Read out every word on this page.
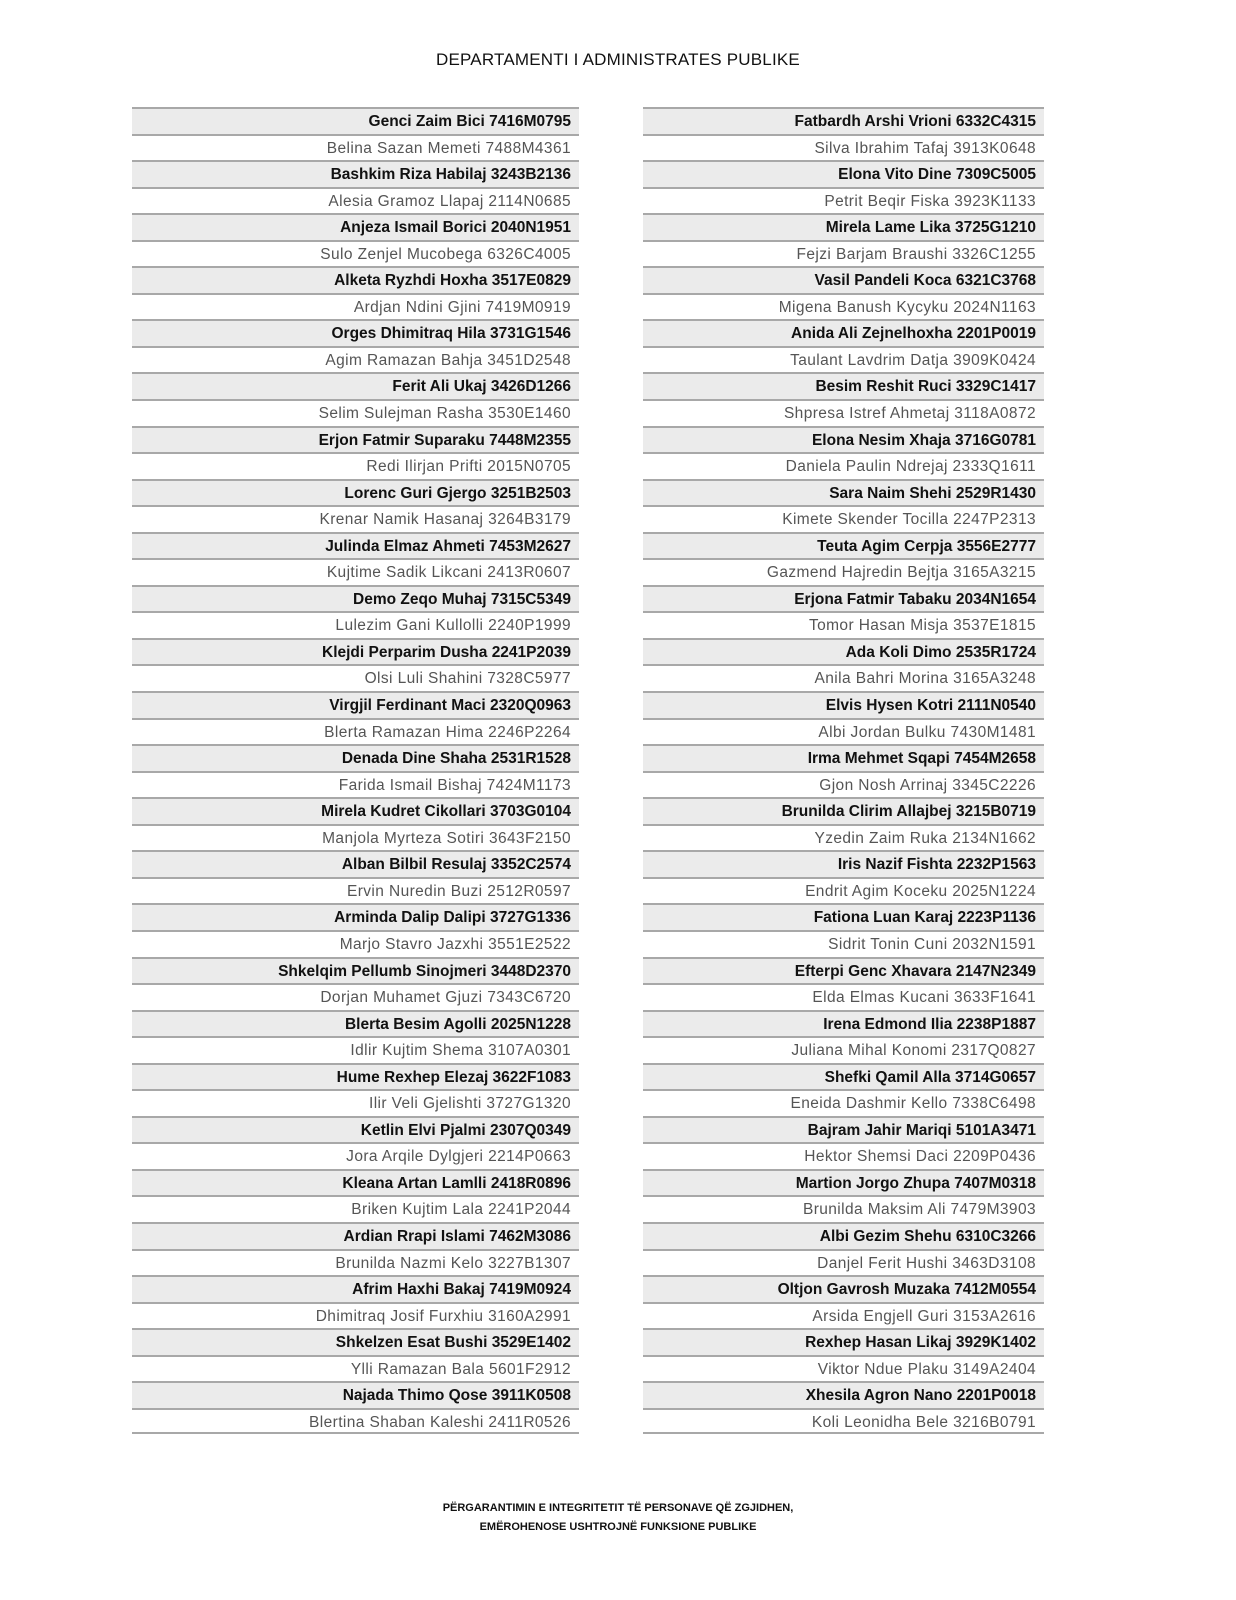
DEPARTAMENTI I ADMINISTRATES PUBLIKE
Genci Zaim Bici 7416M0795
Belina Sazan Memeti 7488M4361
Bashkim Riza Habilaj 3243B2136
Alesia Gramoz Llapaj 2114N0685
Anjeza Ismail Borici 2040N1951
Sulo Zenjel Mucobega 6326C4005
Alketa Ryzhdi Hoxha 3517E0829
Ardjan Ndini Gjini 7419M0919
Orges Dhimitraq Hila 3731G1546
Agim Ramazan Bahja 3451D2548
Ferit Ali Ukaj 3426D1266
Selim Sulejman Rasha 3530E1460
Erjon Fatmir Suparaku 7448M2355
Redi Ilirjan Prifti 2015N0705
Lorenc Guri Gjergo 3251B2503
Krenar Namik Hasanaj 3264B3179
Julinda Elmaz Ahmeti 7453M2627
Kujtime Sadik Likcani 2413R0607
Demo Zeqo Muhaj 7315C5349
Lulezim Gani Kullolli 2240P1999
Klejdi Perparim Dusha 2241P2039
Olsi Luli Shahini 7328C5977
Virgjil Ferdinant Maci 2320Q0963
Blerta Ramazan Hima 2246P2264
Denada Dine Shaha 2531R1528
Farida Ismail Bishaj 7424M1173
Mirela Kudret Cikollari 3703G0104
Manjola Myrteza Sotiri 3643F2150
Alban Bilbil Resulaj 3352C2574
Ervin Nuredin Buzi 2512R0597
Arminda Dalip Dalipi 3727G1336
Marjo Stavro Jazxhi 3551E2522
Shkelqim Pellumb Sinojmeri 3448D2370
Dorjan Muhamet Gjuzi 7343C6720
Blerta Besim Agolli 2025N1228
Idlir Kujtim Shema 3107A0301
Hume Rexhep Elezaj 3622F1083
Ilir Veli Gjelishti 3727G1320
Ketlin Elvi Pjalmi 2307Q0349
Jora Arqile Dylgjeri 2214P0663
Kleana Artan Lamlli 2418R0896
Briken Kujtim Lala 2241P2044
Ardian Rrapi Islami 7462M3086
Brunilda Nazmi Kelo 3227B1307
Afrim Haxhi Bakaj 7419M0924
Dhimitraq Josif Furxhiu 3160A2991
Shkelzen Esat Bushi 3529E1402
Ylli Ramazan Bala 5601F2912
Najada Thimo Qose 3911K0508
Blertina Shaban Kaleshi 2411R0526
Fatbardh Arshi Vrioni 6332C4315
Silva Ibrahim Tafaj 3913K0648
Elona Vito Dine 7309C5005
Petrit Beqir Fiska 3923K1133
Mirela Lame Lika 3725G1210
Fejzi Barjam Braushi 3326C1255
Vasil Pandeli Koca 6321C3768
Migena Banush Kycyku 2024N1163
Anida Ali Zejnelhoxha 2201P0019
Taulant Lavdrim Datja 3909K0424
Besim Reshit Ruci 3329C1417
Shpresa Istref Ahmetaj 3118A0872
Elona Nesim Xhaja 3716G0781
Daniela Paulin Ndrejaj 2333Q1611
Sara Naim Shehi 2529R1430
Kimete Skender Tocilla 2247P2313
Teuta Agim Cerpja 3556E2777
Gazmend Hajredin Bejtja 3165A3215
Erjona Fatmir Tabaku 2034N1654
Tomor Hasan Misja 3537E1815
Ada Koli Dimo 2535R1724
Anila Bahri Morina 3165A3248
Elvis Hysen Kotri 2111N0540
Albi Jordan Bulku 7430M1481
Irma Mehmet Sqapi 7454M2658
Gjon Nosh Arrinaj 3345C2226
Brunilda Clirim Allajbej 3215B0719
Yzedin Zaim Ruka 2134N1662
Iris Nazif Fishta 2232P1563
Endrit Agim Koceku 2025N1224
Fationa Luan Karaj 2223P1136
Sidrit Tonin Cuni 2032N1591
Efterpi Genc Xhavara 2147N2349
Elda Elmas Kucani 3633F1641
Irena Edmond Ilia 2238P1887
Juliana Mihal Konomi 2317Q0827
Shefki Qamil Alla 3714G0657
Eneida Dashmir Kello 7338C6498
Bajram Jahir Mariqi 5101A3471
Hektor Shemsi Daci 2209P0436
Martion Jorgo Zhupa 7407M0318
Brunilda Maksim Ali 7479M3903
Albi Gezim Shehu 6310C3266
Danjel Ferit Hushi 3463D3108
Oltjon Gavrosh Muzaka 7412M0554
Arsida Engjell Guri 3153A2616
Rexhep Hasan Likaj 3929K1402
Viktor Ndue Plaku 3149A2404
Xhesila Agron Nano 2201P0018
Koli Leonidha Bele 3216B0791
PËRGARANTIMIN E INTEGRITETIT TË PERSONAVE QË ZGJIDHEN,
EMËROHENOSE USHTROJNË FUNKSIONE PUBLIKE
